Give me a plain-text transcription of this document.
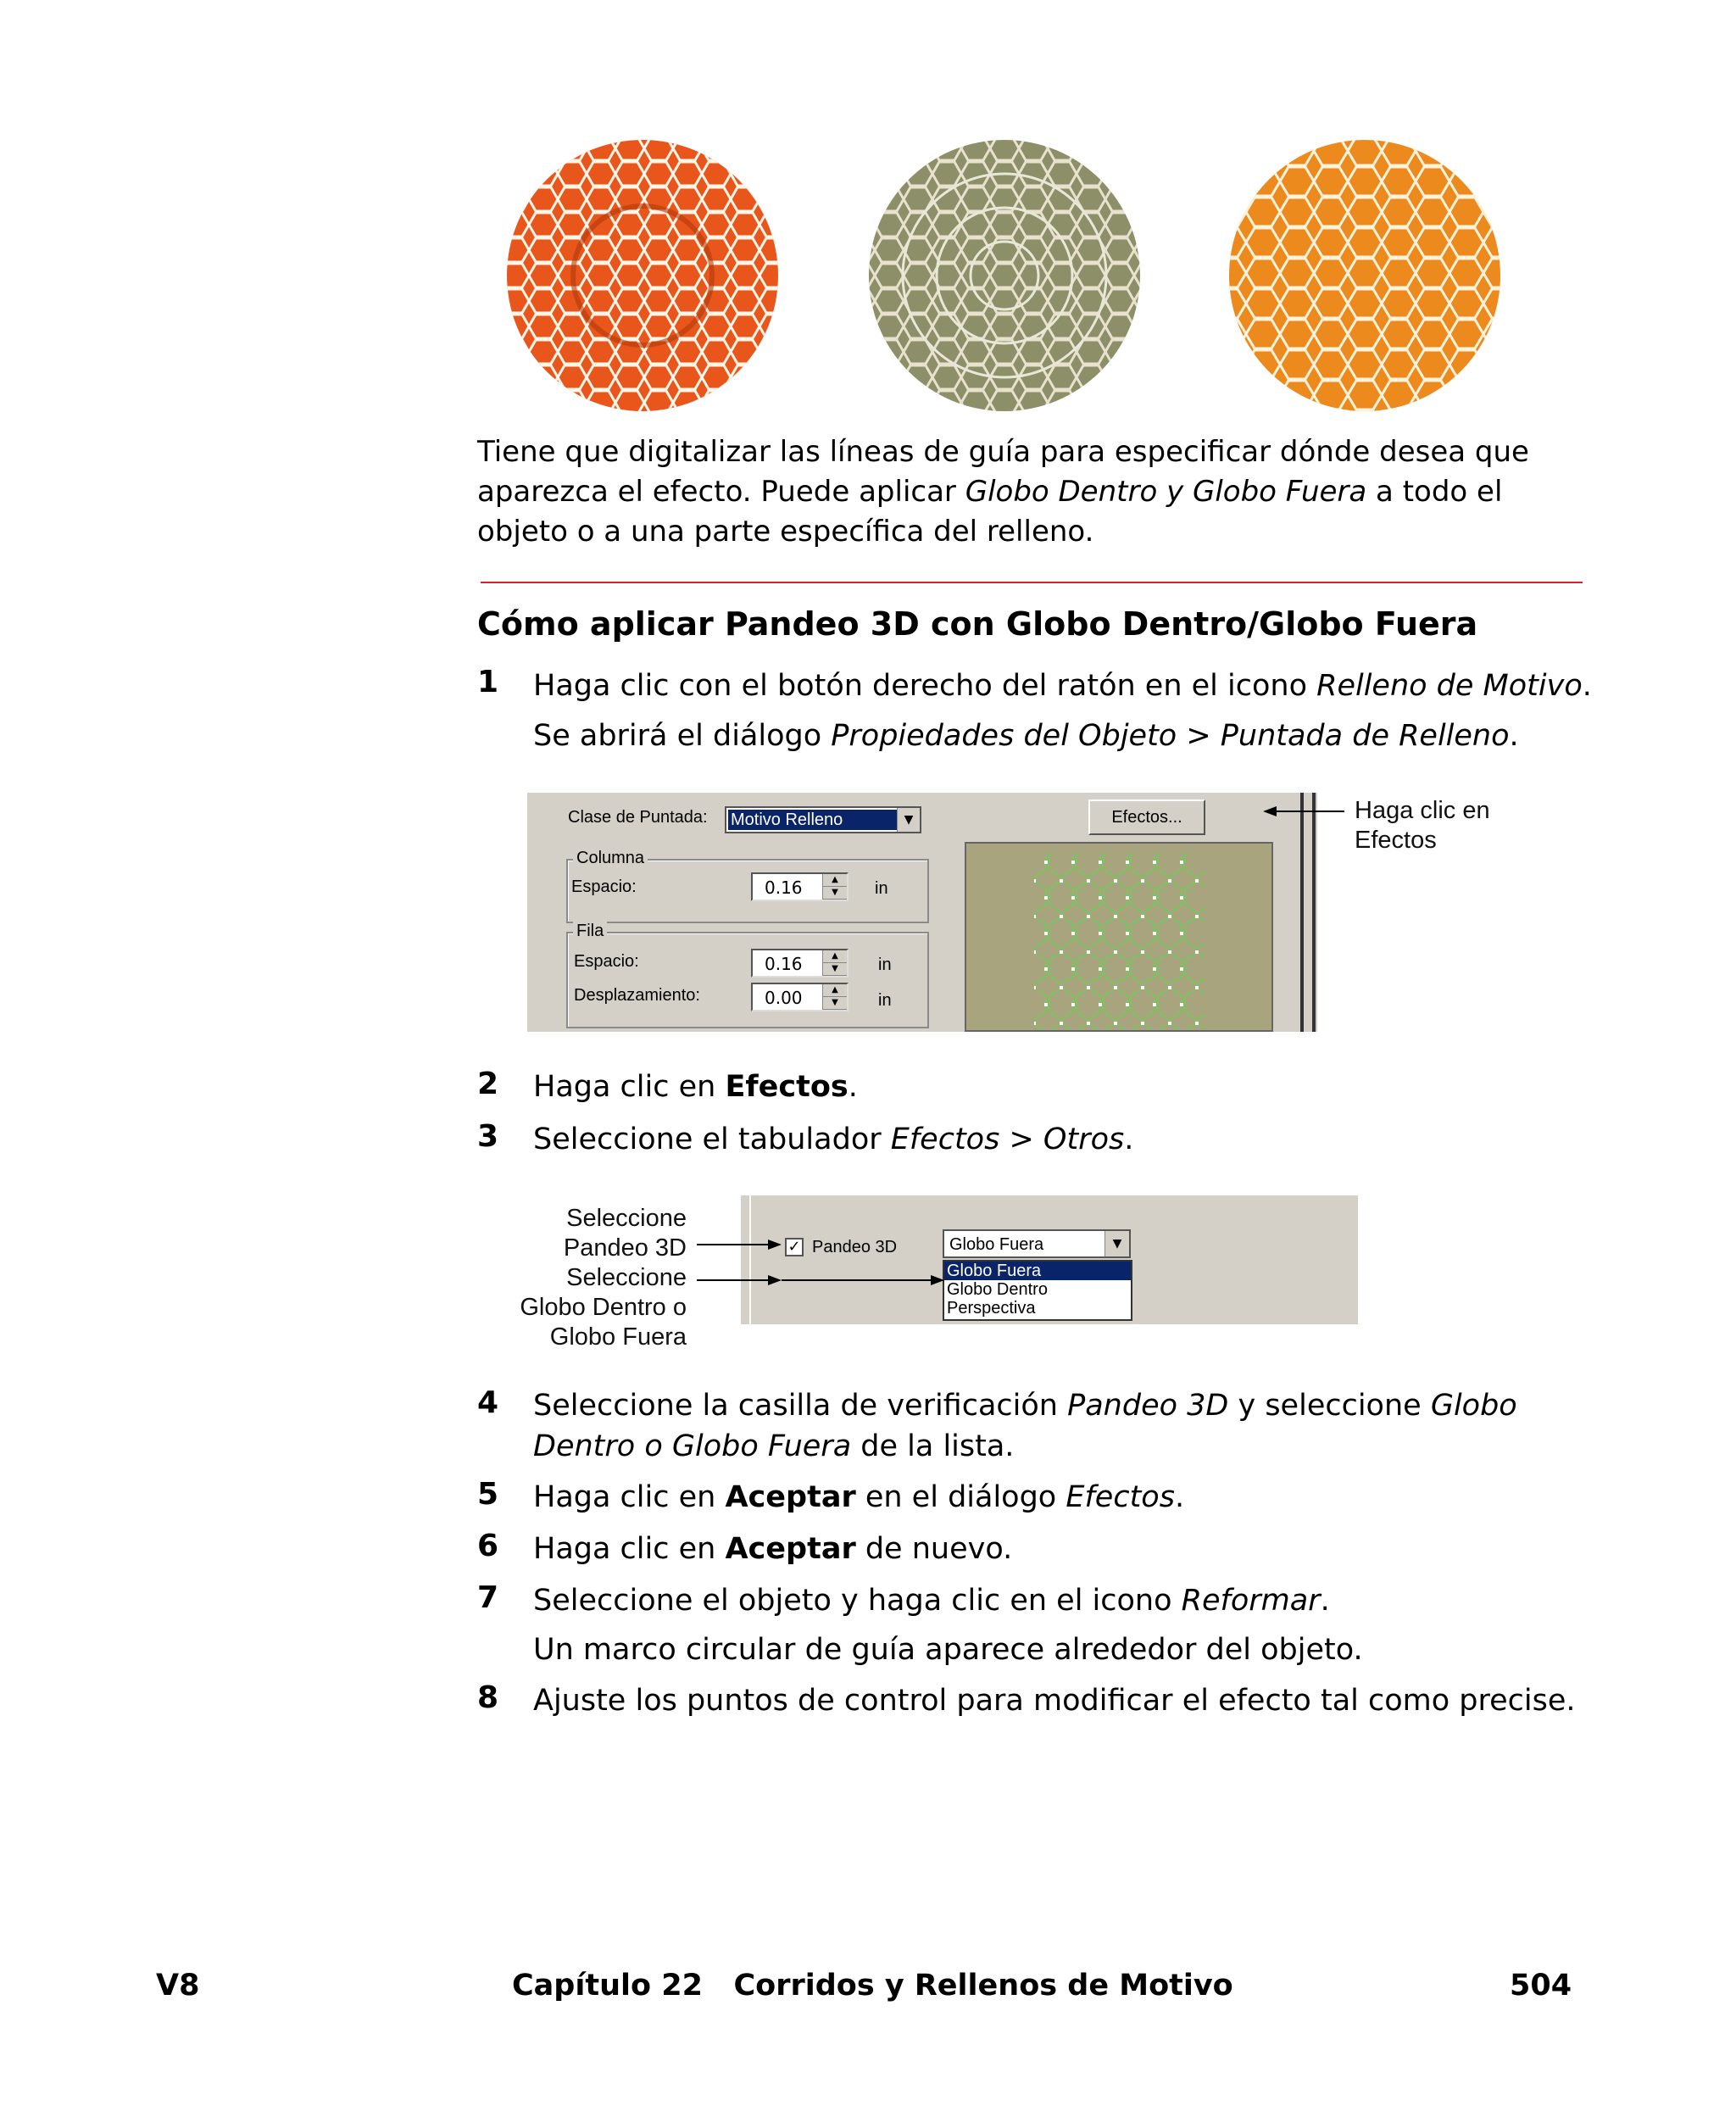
Tiene que digitalizar las líneas de guía para especificar dónde desea que aparezca el efecto. Puede aplicar Globo Dentro y Globo Fuera a todo el objeto o a una parte específica del relleno.
Cómo aplicar Pandeo 3D con Globo Dentro/Globo Fuera
1	Haga clic con el botón derecho del ratón en el icono Relleno de Motivo.
Se abrirá el diálogo Propiedades del Objeto > Puntada de Relleno.
Clase de Puntada: Motivo Relleno	▼	Efectos...
Columna
Espacio:	0.16	▲
▼	in
Fila
Espacio:	0.16	▲
▼	in
Desplazamiento:	0.00	▲
▼	in
Haga clic en
Efectos
2	Haga clic en Efectos.
3	Seleccione el tabulador Efectos > Otros.
✓ Pandeo 3D	Globo Fuera	▼
Globo Fuera
Globo Dentro
Perspectiva
Seleccione
Pandeo 3D
Seleccione
Globo Dentro o
Globo Fuera
4	Seleccione la casilla de verificación Pandeo 3D y seleccione Globo
Dentro o Globo Fuera de la lista.
5	Haga clic en Aceptar en el diálogo Efectos.
6	Haga clic en Aceptar de nuevo.
7	Seleccione el objeto y haga clic en el icono Reformar.
Un marco circular de guía aparece alrededor del objeto.
8	Ajuste los puntos de control para modificar el efecto tal como precise.
V8	Capítulo 22   Corridos y Rellenos de Motivo	504
